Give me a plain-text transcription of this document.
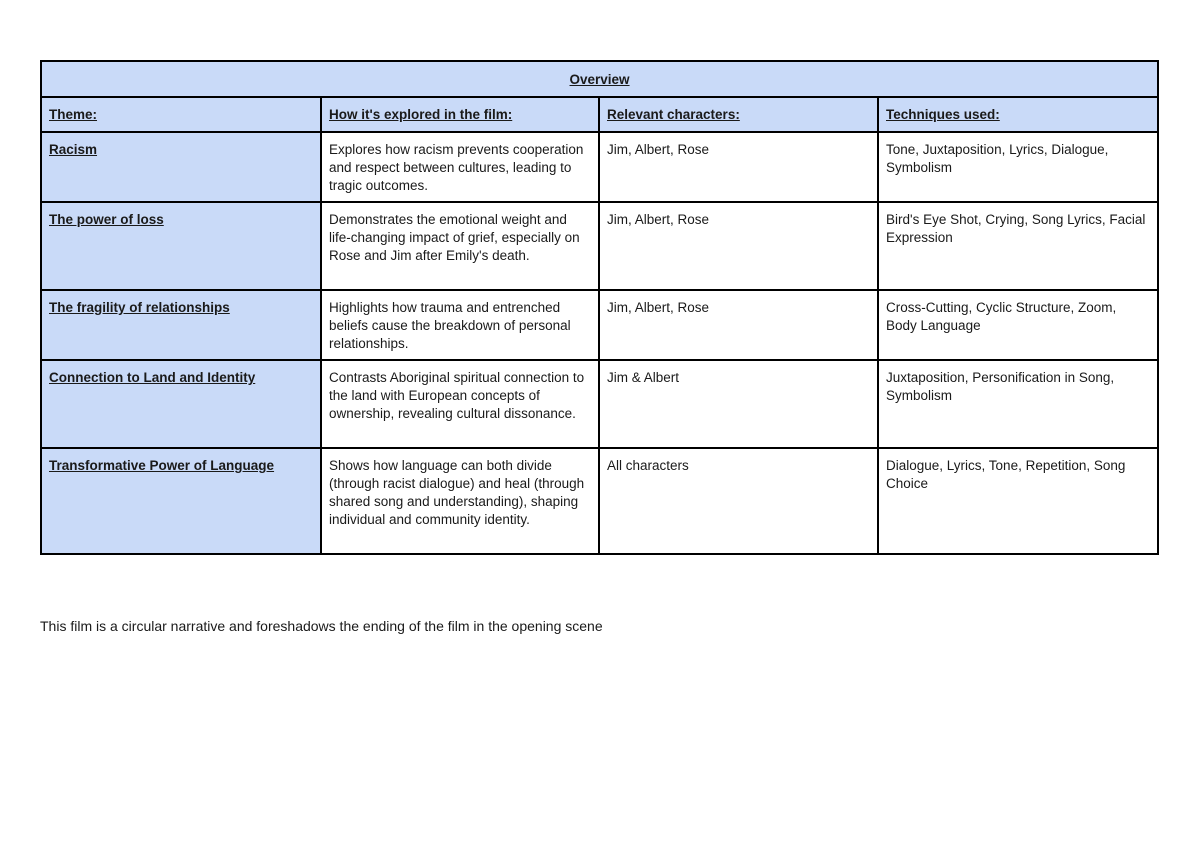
Overview			
Theme:	How it's explored in the film:	Relevant characters:	Techniques used:
Racism	Explores how racism prevents cooperation and respect between cultures, leading to tragic outcomes.	Jim, Albert, Rose	Tone, Juxtaposition, Lyrics, Dialogue, Symbolism
The power of loss	Demonstrates the emotional weight and life-changing impact of grief, especially on Rose and Jim after Emily's death.	Jim, Albert, Rose	Bird's Eye Shot, Crying, Song Lyrics, Facial Expression
The fragility of relationships	Highlights how trauma and entrenched beliefs cause the breakdown of personal relationships.	Jim, Albert, Rose	Cross-Cutting, Cyclic Structure, Zoom, Body Language
Connection to Land and Identity	Contrasts Aboriginal spiritual connection to the land with European concepts of ownership, revealing cultural dissonance.	Jim & Albert	Juxtaposition, Personification in Song, Symbolism
Transformative Power of Language	Shows how language can both divide (through racist dialogue) and heal (through shared song and understanding), shaping individual and community identity.	All characters	Dialogue, Lyrics, Tone, Repetition, Song Choice
This film is a circular narrative and foreshadows the ending of the film in the opening scene
